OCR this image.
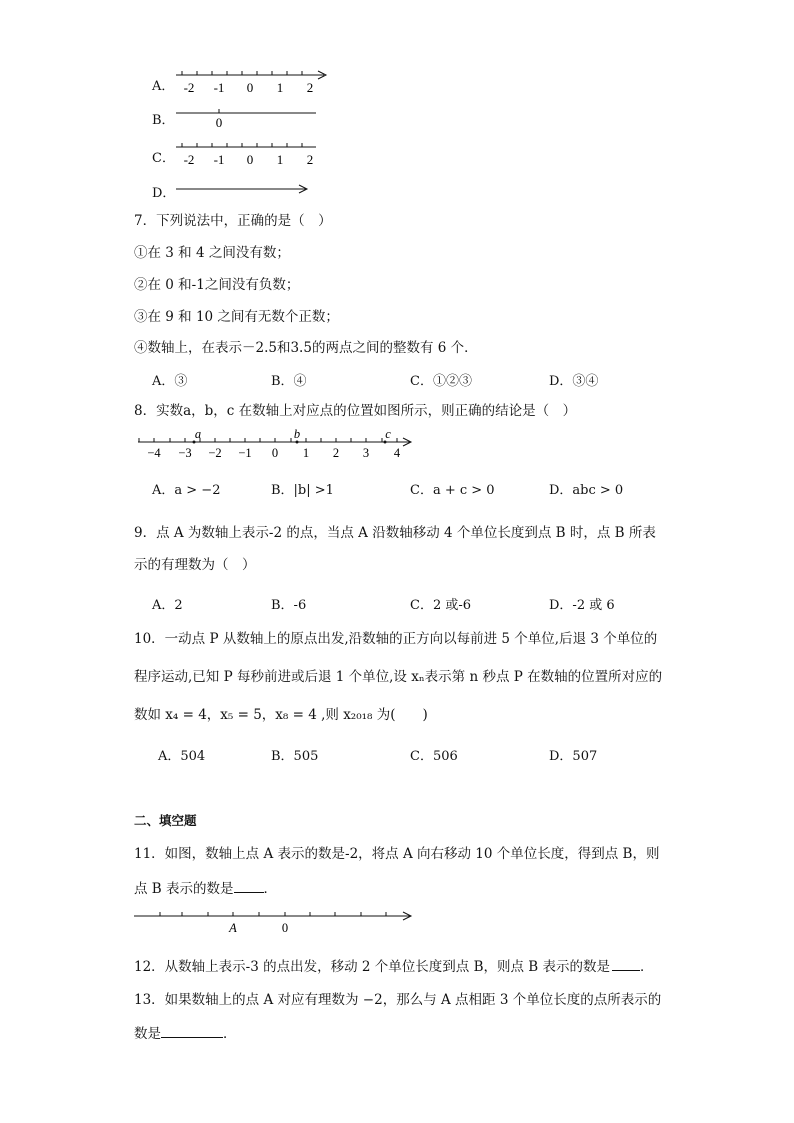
A． -2 -1 0 1 2
B．	0
C． -2 -1 0 1 2
D．
7．下列说法中，正确的是（　）
①在 3 和 4 之间没有数；
②在 0 和-1之间没有负数；
③在 9 和 10 之间有无数个正数；
④数轴上，在表示－2.5和3.5的两点之间的整数有 6 个．
A．③	B．④	C．①②③	D．③④
8．实数a，b，c 在数轴上对应点的位置如图所示，则正确的结论是（　）
−4 −3 −2 −1 0 1 2 3 4
a	b	c
A．a > −2	B．|b| >1	C．a + c > 0	D．abc > 0
9．点 A 为数轴上表示-2 的点，当点 A 沿数轴移动 4 个单位长度到点 B 时，点 B 所表
示的有理数为（　）
A．2	B．-6	C．2 或-6	D．-2 或 6
10．一动点 P 从数轴上的原点出发,沿数轴的正方向以每前进 5 个单位,后退 3 个单位的
程序运动,已知 P 每秒前进或后退 1 个单位,设 xₙ表示第 n 秒点 P 在数轴的位置所对应的
数如 x₄ = 4，x₅ = 5，x₈ = 4 ,则 x₂₀₁₈ 为(　　)
A．504	B．505	C．506	D．507
二、填空题
11．如图，数轴上点 A 表示的数是-2，将点 A 向右移动 10 个单位长度，得到点 B，则
点 B 表示的数是 ．
A	0
12．从数轴上表示-3 的点出发，移动 2 个单位长度到点 B，则点 B 表示的数是 ．
13．如果数轴上的点 A 对应有理数为 −2，那么与 A 点相距 3 个单位长度的点所表示的
数是	．
